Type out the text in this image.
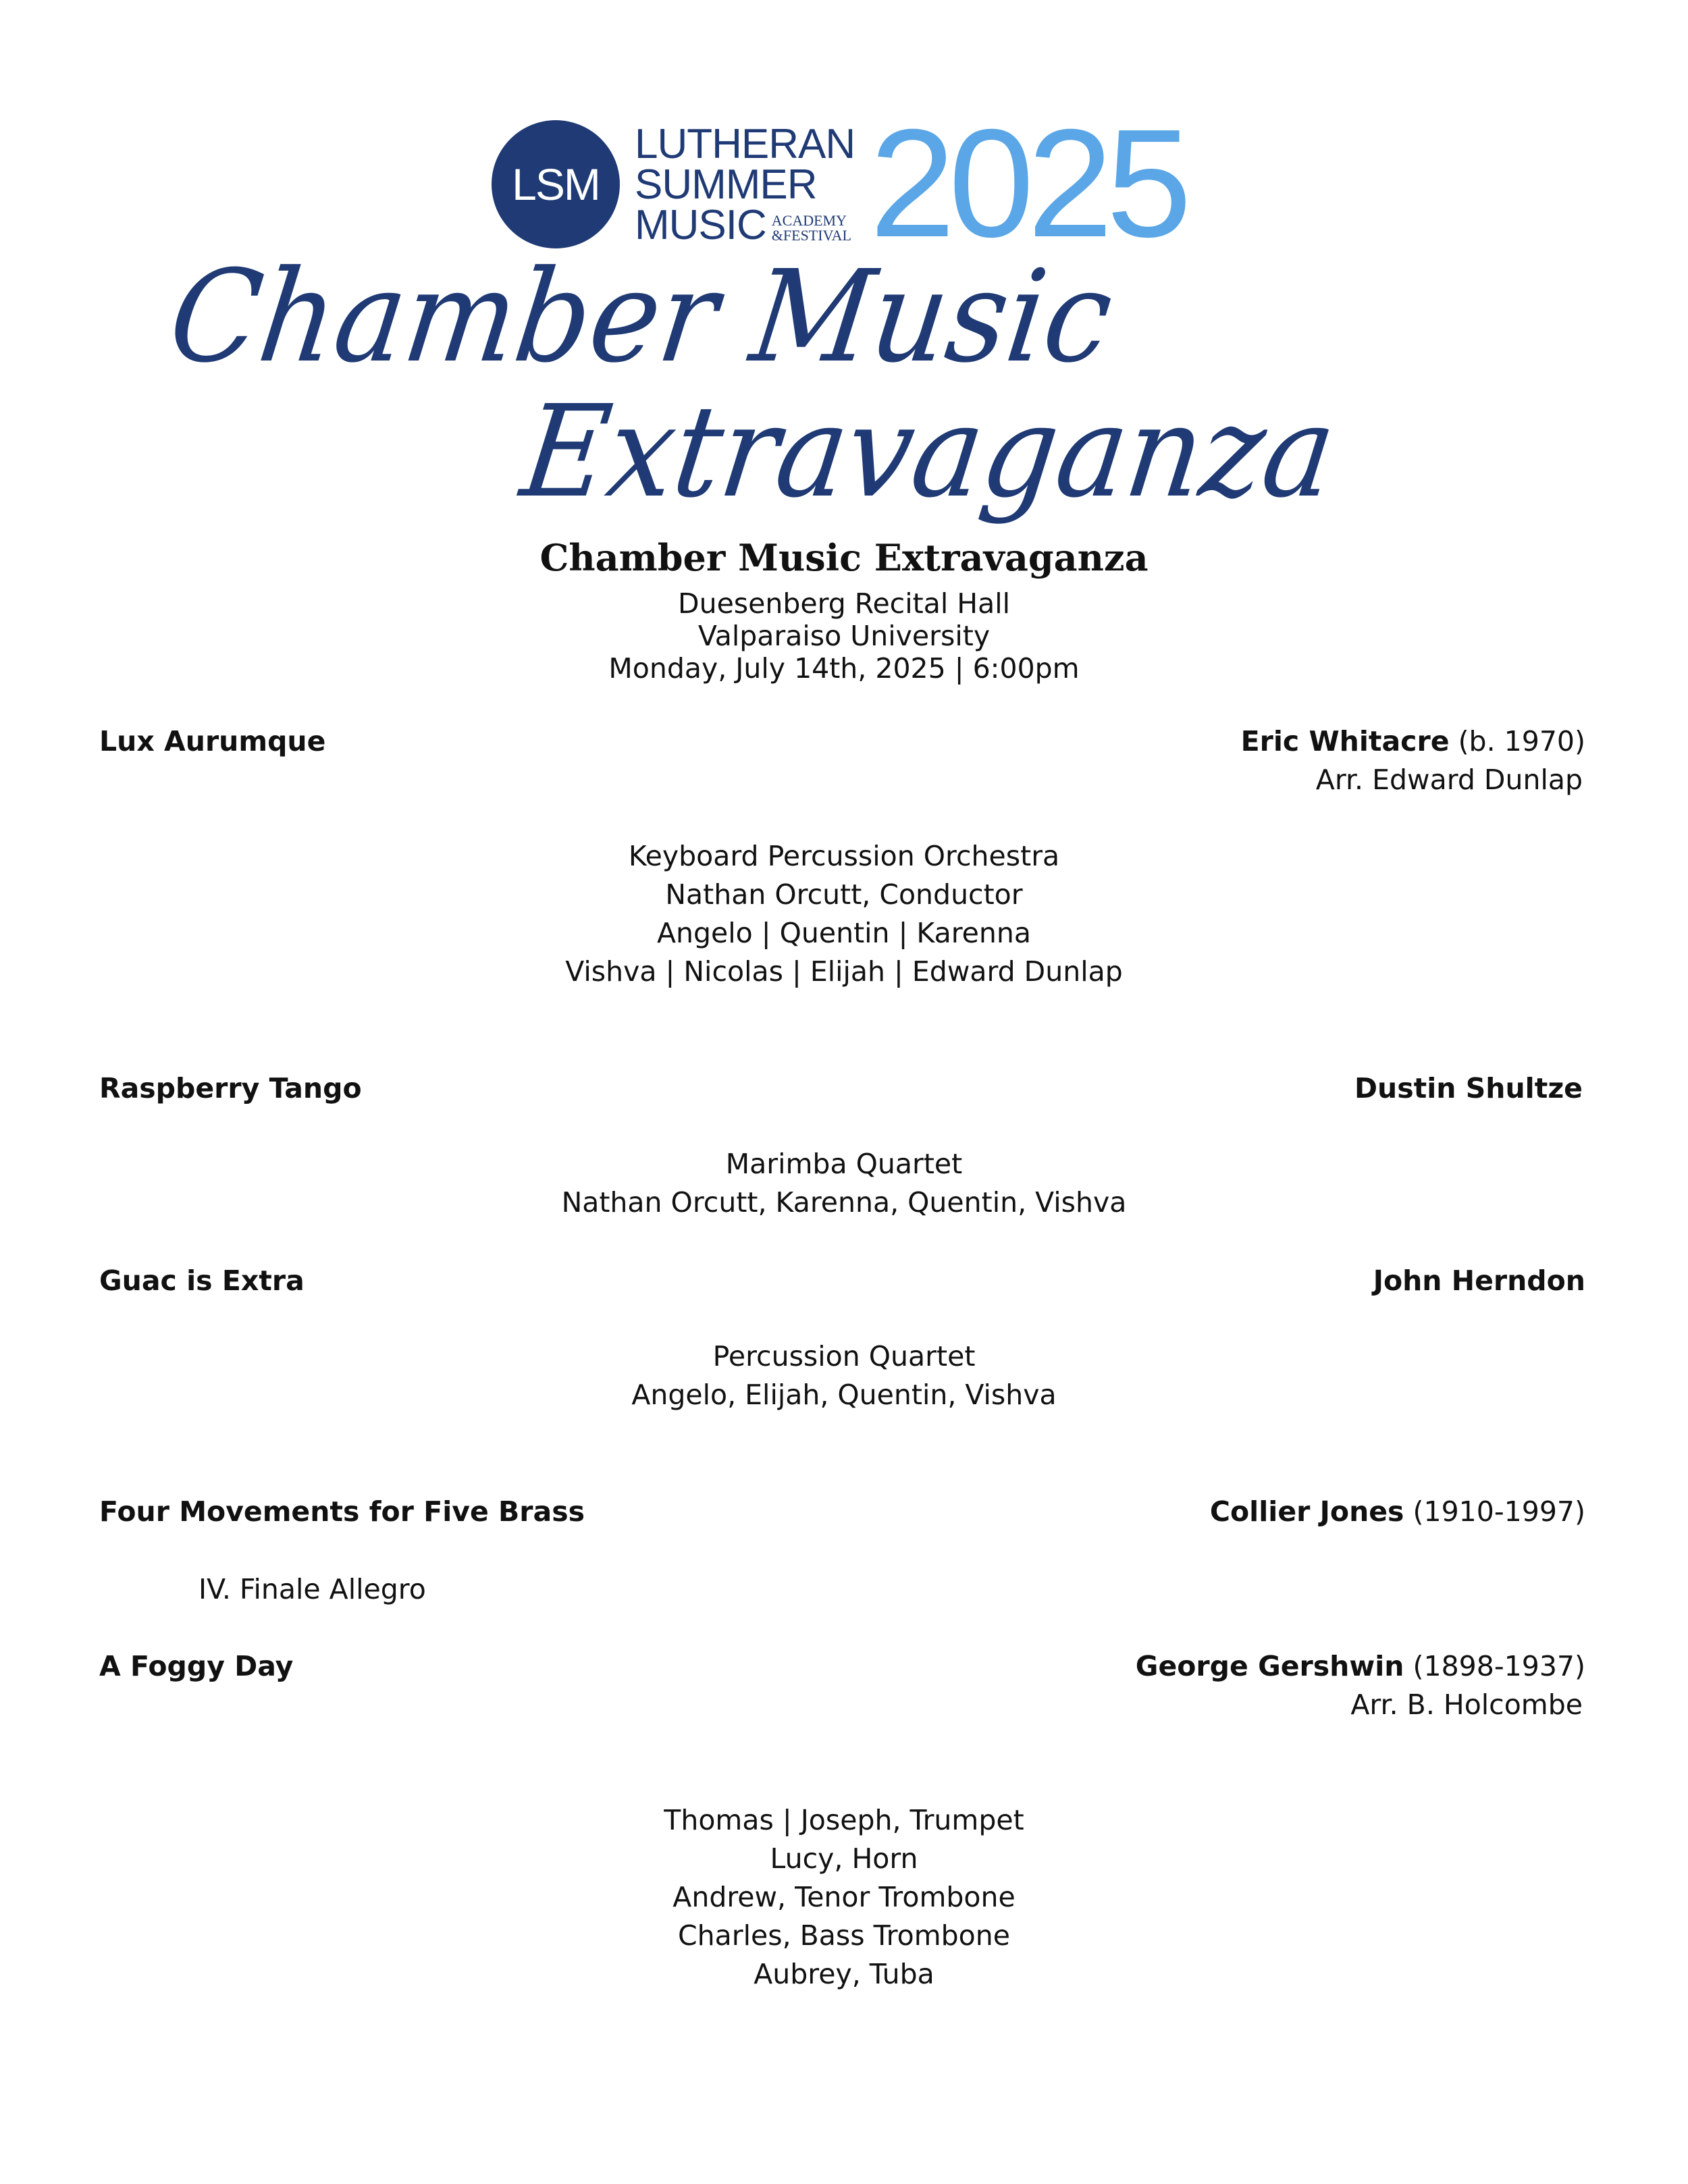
LSM
LUTHERAN
SUMMER
MUSIC ACADEMY
&FESTIVAL 2025
Chamber Music
Extravaganza
Chamber Music Extravaganza
Duesenberg Recital Hall
Valparaiso University
Monday, July 14th, 2025 | 6:00pm
Lux Aurumque	Eric Whitacre (b. 1970)
Arr. Edward Dunlap
Keyboard Percussion Orchestra
Nathan Orcutt, Conductor
Angelo | Quentin | Karenna
Vishva | Nicolas | Elijah | Edward Dunlap
Raspberry Tango	Dustin Shultze
Marimba Quartet
Nathan Orcutt, Karenna, Quentin, Vishva
Guac is Extra	John Herndon
Percussion Quartet
Angelo, Elijah, Quentin, Vishva
Four Movements for Five Brass	Collier Jones (1910-1997)
IV. Finale Allegro
A Foggy Day	George Gershwin (1898-1937)
Arr. B. Holcombe
Thomas | Joseph, Trumpet
Lucy, Horn
Andrew, Tenor Trombone
Charles, Bass Trombone
Aubrey, Tuba
